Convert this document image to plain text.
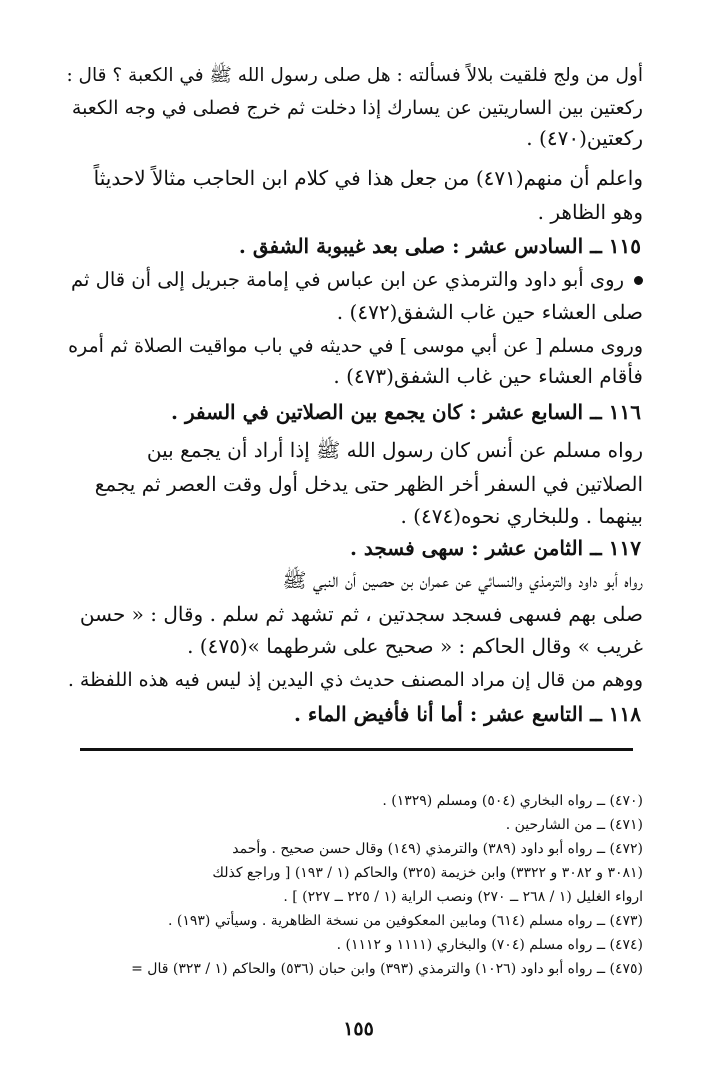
أول من ولج فلقيت بلالاً فسألته : هل صلى رسول الله ﷺ في الكعبة ؟ قال :
ركعتين بين الساريتين عن يسارك إذا دخلت ثم خرج فصلى في وجه الكعبة
ركعتين(٤٧٠) .
واعلم أن منهم(٤٧١) من جعل هذا في كلام ابن الحاجب مثالاً لاحديثاً
وهو الظاهر .
١١٥ ــ السادس عشر : صلى بعد غيبوبة الشفق .
روى أبو داود والترمذي عن ابن عباس في إمامة جبريل إلى أن قال ثم
صلى العشاء حين غاب الشفق(٤٧٢) .
وروى مسلم [ عن أبي موسى ] في حديثه في باب مواقيت الصلاة ثم أمره
فأقام العشاء حين غاب الشفق(٤٧٣) .
١١٦ ــ السابع عشر : كان يجمع بين الصلاتين في السفر .
رواه مسلم عن أنس كان رسول الله ﷺ إذا أراد أن يجمع بين
الصلاتين في السفر أخر الظهر حتى يدخل أول وقت العصر ثم يجمع
بينهما . وللبخاري نحوه(٤٧٤) .
١١٧ ــ الثامن عشر : سهى فسجد .
رواه أبو داود والترمذي والنسائي عن عمران بن حصين أن النبي ﷺ
صلى بهم فسهى فسجد سجدتين ، ثم تشهد ثم سلم . وقال : « حسن
غريب » وقال الحاكم : « صحيح على شرطهما »(٤٧٥) .
ووهم من قال إن مراد المصنف حديث ذي اليدين إذ ليس فيه هذه اللفظة .
١١٨ ــ التاسع عشر : أما أنا فأفيض الماء .
(٤٧٠) ــ رواه البخاري (٥٠٤) ومسلم (١٣٢٩) .
(٤٧١) ــ من الشارحين .
(٤٧٢) ــ رواه أبو داود (٣٨٩) والترمذي (١٤٩) وقال حسن صحيح . وأحمد
(٣٠٨١ و ٣٠٨٢ و ٣٣٢٢) وابن خزيمة (٣٢٥) والحاكم (١ / ١٩٣) [ وراجع كذلك
ارواء الغليل (١ / ٢٦٨ ــ ٢٧٠) ونصب الراية (١ / ٢٢٥ ــ ٢٢٧) ] .
(٤٧٣) ــ رواه مسلم (٦١٤) ومابين المعكوفين من نسخة الظاهرية . وسيأتي (١٩٣) .
(٤٧٤) ــ رواه مسلم (٧٠٤) والبخاري (١١١١ و ١١١٢) .
(٤٧٥) ــ رواه أبو داود (١٠٢٦) والترمذي (٣٩٣) وابن حبان (٥٣٦) والحاكم (١ / ٣٢٣) قال =
١٥٥
